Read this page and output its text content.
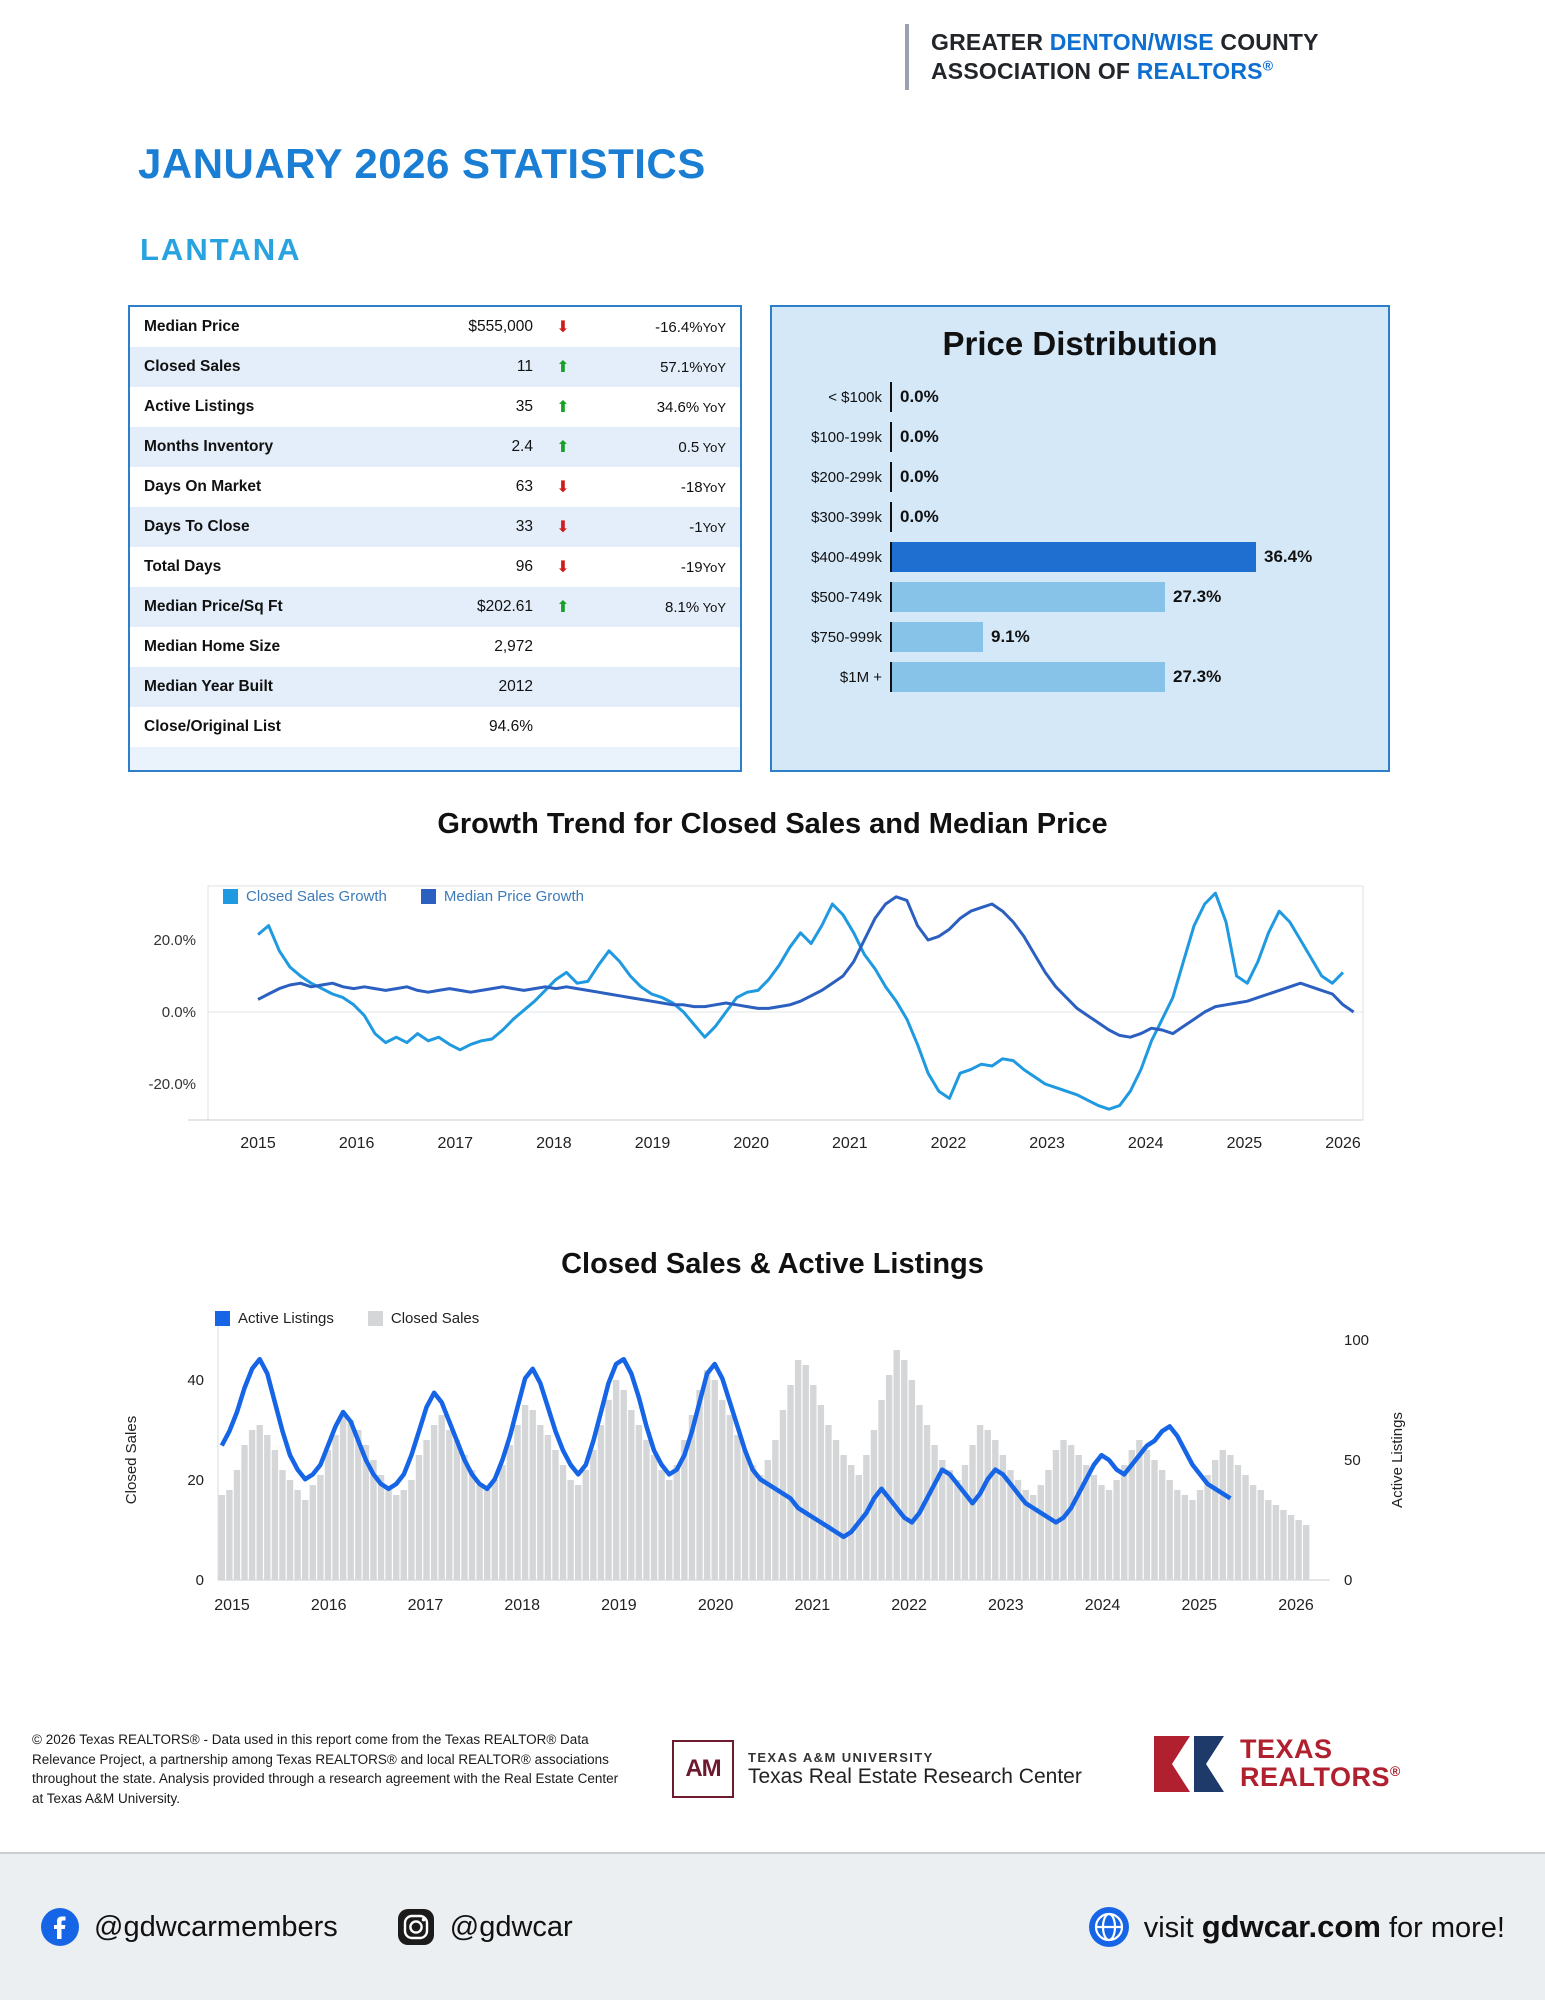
GREATER DENTON/WISE COUNTY
ASSOCIATION OF REALTORS®
JANUARY 2026 STATISTICS
LANTANA
Median Price	$555,000	⬇	-16.4%YoY
Closed Sales	11	⬆	57.1%YoY
Active Listings	35	⬆	34.6% YoY
Months Inventory	2.4	⬆	0.5 YoY
Days On Market	63	⬇	-18YoY
Days To Close	33	⬇	-1YoY
Total Days	96	⬇	-19YoY
Median Price/Sq Ft	$202.61	⬆	8.1% YoY
Median Home Size	2,972
Median Year Built	2012
Close/Original List	94.6%
Price Distribution
< $100k	0.0%
$100-199k	0.0%
$200-299k	0.0%
$300-399k	0.0%
$400-499k	36.4%
$500-749k	27.3%
$750-999k	9.1%
$1M +	27.3%
Growth Trend for Closed Sales and Median Price
Closed Sales Growth	Median Price Growth
-20.0%
0.0%
20.0%
2015	2016	2017	2018	2019	2020	2021	2022	2023	2024	2025	2026
Closed Sales & Active Listings
Active Listings	Closed Sales
0
20
40
0
50
100
2015	2016	2017	2018	2019	2020	2021	2022	2023	2024	2025	2026
Closed Sales	Active Listings
© 2026 Texas REALTORS® - Data used in this report come from the Texas REALTOR® Data Relevance Project, a partnership among Texas REALTORS® and local REALTOR® associations throughout the state. Analysis provided through a research agreement with the Real Estate Center at Texas A&M University.
AM	TEXAS A&M UNIVERSITY
Texas Real Estate Research Center
TEXAS
REALTORS®
@gdwcarmembers	@gdwcar	visit gdwcar.com for more!
